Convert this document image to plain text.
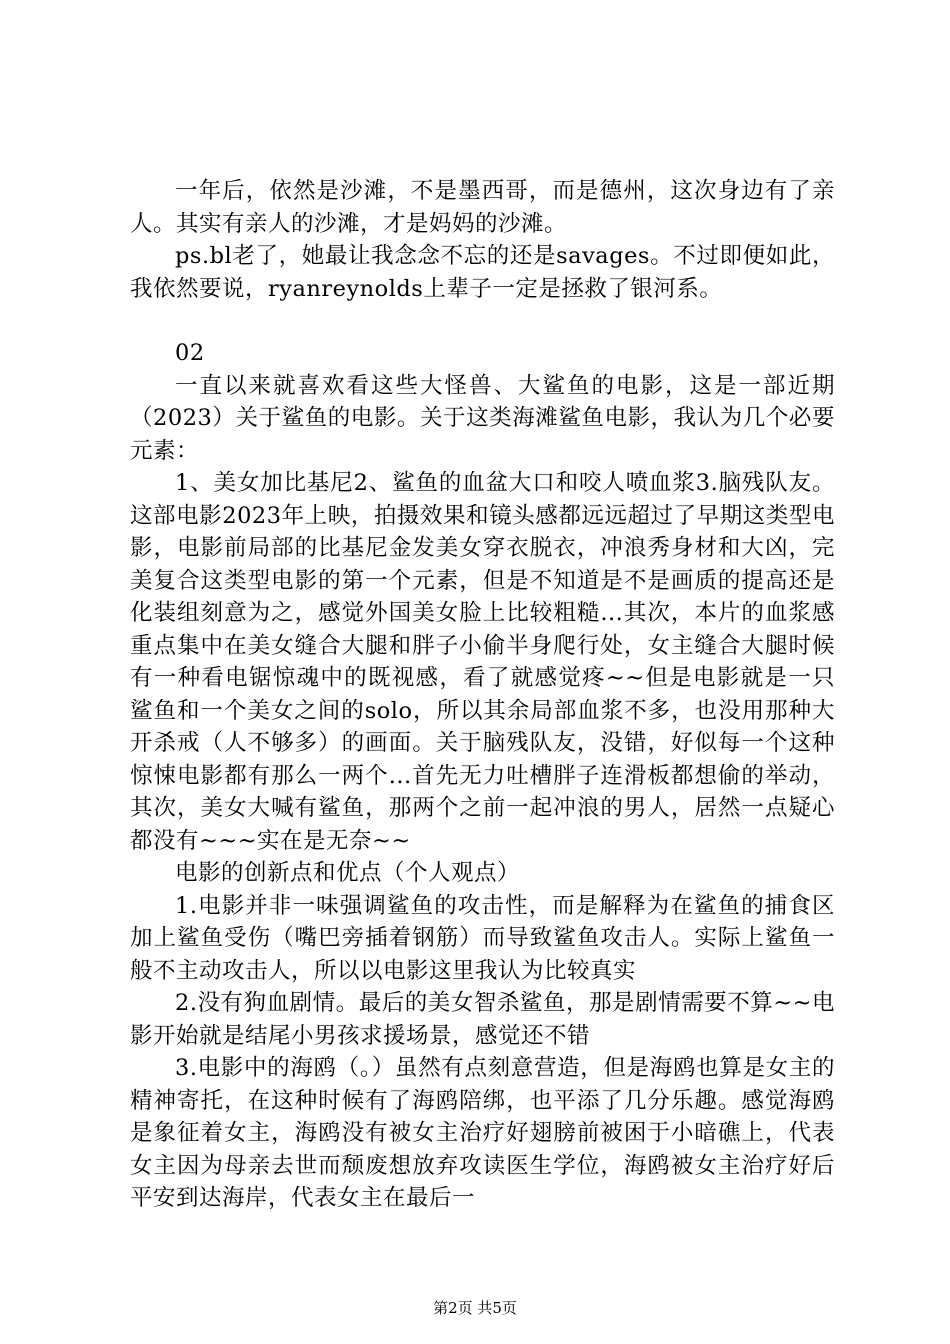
一年后，依然是沙滩，不是墨西哥，而是德州，这次身边有了亲人。其实有亲人的沙滩，才是妈妈的沙滩。

ps.bl老了，她最让我念念不忘的还是savages。不过即便如此，我依然要说，ryanreynolds上辈子一定是拯救了银河系。

02

一直以来就喜欢看这些大怪兽、大鲨鱼的电影，这是一部近期（2023）关于鲨鱼的电影。关于这类海滩鲨鱼电影，我认为几个必要元素：

1、美女加比基尼2、鲨鱼的血盆大口和咬人喷血浆3.脑残队友。这部电影2023年上映，拍摄效果和镜头感都远远超过了早期这类型电影，电影前局部的比基尼金发美女穿衣脱衣，冲浪秀身材和大凶，完美复合这类型电影的第一个元素，但是不知道是不是画质的提高还是化装组刻意为之，感觉外国美女脸上比较粗糙...其次，本片的血浆感重点集中在美女缝合大腿和胖子小偷半身爬行处，女主缝合大腿时候有一种看电锯惊魂中的既视感，看了就感觉疼~~但是电影就是一只鲨鱼和一个美女之间的solo，所以其余局部血浆不多，也没用那种大开杀戒（人不够多）的画面。关于脑残队友，没错，好似每一个这种惊悚电影都有那么一两个...首先无力吐槽胖子连滑板都想偷的举动，其次，美女大喊有鲨鱼，那两个之前一起冲浪的男人，居然一点疑心都没有~~~实在是无奈~~

电影的创新点和优点（个人观点）

1.电影并非一味强调鲨鱼的攻击性，而是解释为在鲨鱼的捕食区加上鲨鱼受伤（嘴巴旁插着钢筋）而导致鲨鱼攻击人。实际上鲨鱼一般不主动攻击人，所以以电影这里我认为比较真实

2.没有狗血剧情。最后的美女智杀鲨鱼，那是剧情需要不算~~电影开始就是结尾小男孩求援场景，感觉还不错

3.电影中的海鸥（。）虽然有点刻意营造，但是海鸥也算是女主的精神寄托，在这种时候有了海鸥陪绑，也平添了几分乐趣。感觉海鸥是象征着女主，海鸥没有被女主治疗好翅膀前被困于小暗礁上，代表女主因为母亲去世而颓废想放弃攻读医生学位，海鸥被女主治疗好后平安到达海岸，代表女主在最后一

第2页 共5页
